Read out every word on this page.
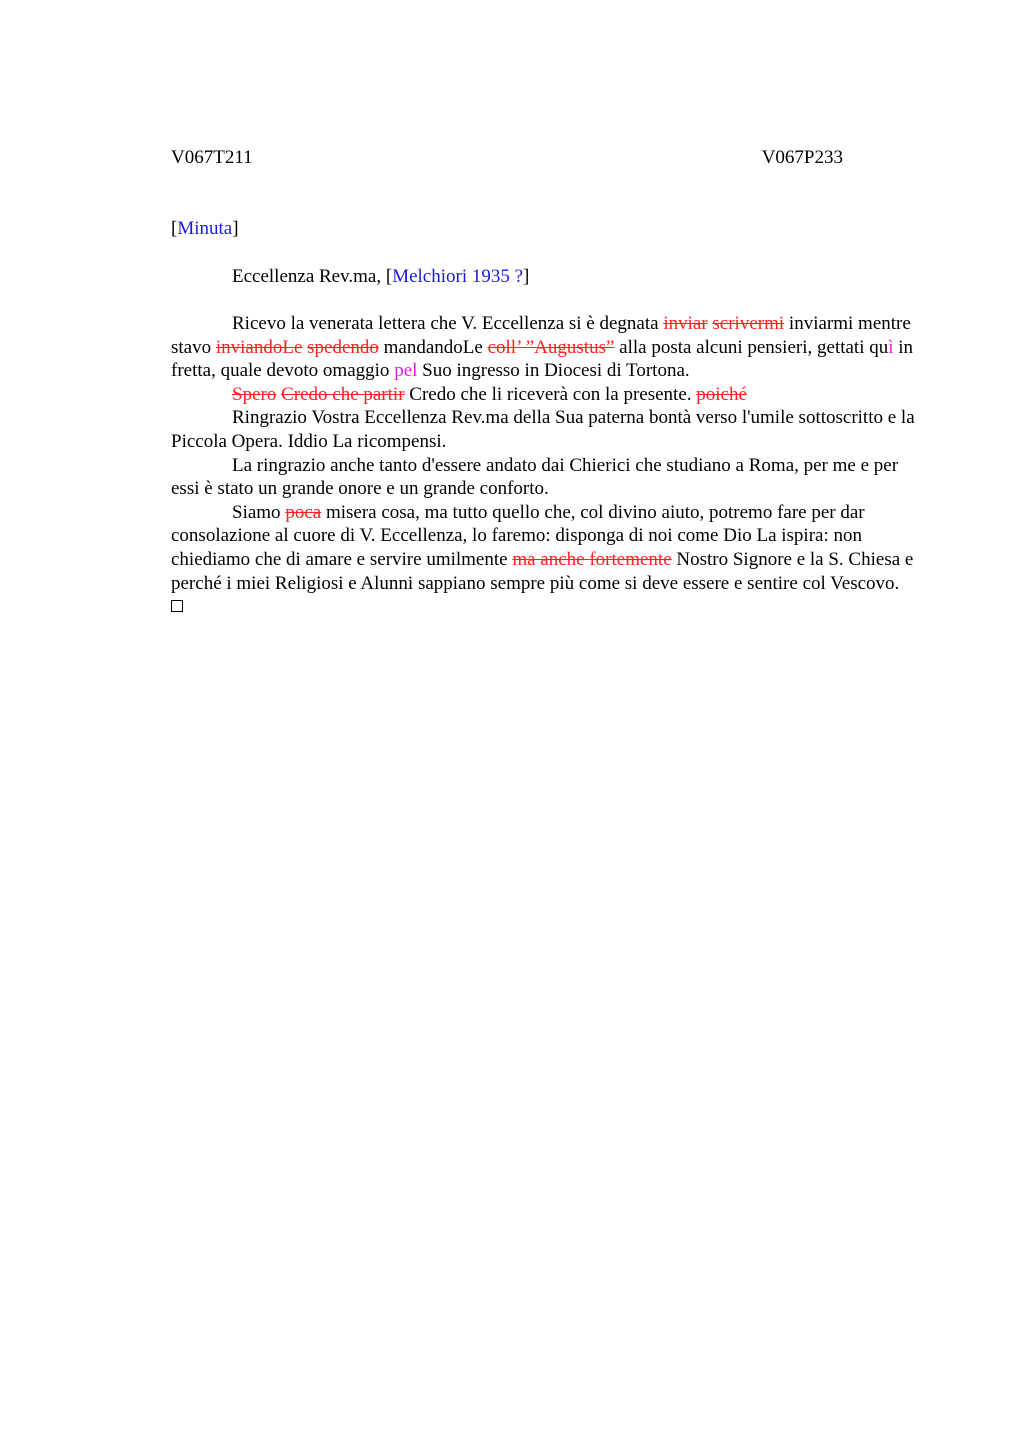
V067T211	V067P233
[Minuta]
Eccellenza Rev.ma, [Melchiori 1935 ?]

Ricevo la venerata lettera che V. Eccellenza si è degnata inviar scrivermi inviarmi mentre stavo inviandoLe spedendo mandandoLe coll’ ”Augustus” alla posta alcuni pensieri, gettati quì in fretta, quale devoto omaggio pel Suo ingresso in Diocesi di Tortona.

Spero Credo che partir Credo che li riceverà con la presente. poiché

Ringrazio Vostra Eccellenza Rev.ma della Sua paterna bontà verso l'umile sottoscritto e la Piccola Opera. Iddio La ricompensi.

La ringrazio anche tanto d'essere andato dai Chierici che studiano a Roma, per me e per essi è stato un grande onore e un grande conforto.

Siamo poca misera cosa, ma tutto quello che, col divino aiuto, potremo fare per dar consolazione al cuore di V. Eccellenza, lo faremo: disponga di noi come Dio La ispira: non chiediamo che di amare e servire umilmente ma anche fortemente Nostro Signore e la S. Chiesa e perché i miei Religiosi e Alunni sappiano sempre più come si deve essere e sentire col Vescovo.
